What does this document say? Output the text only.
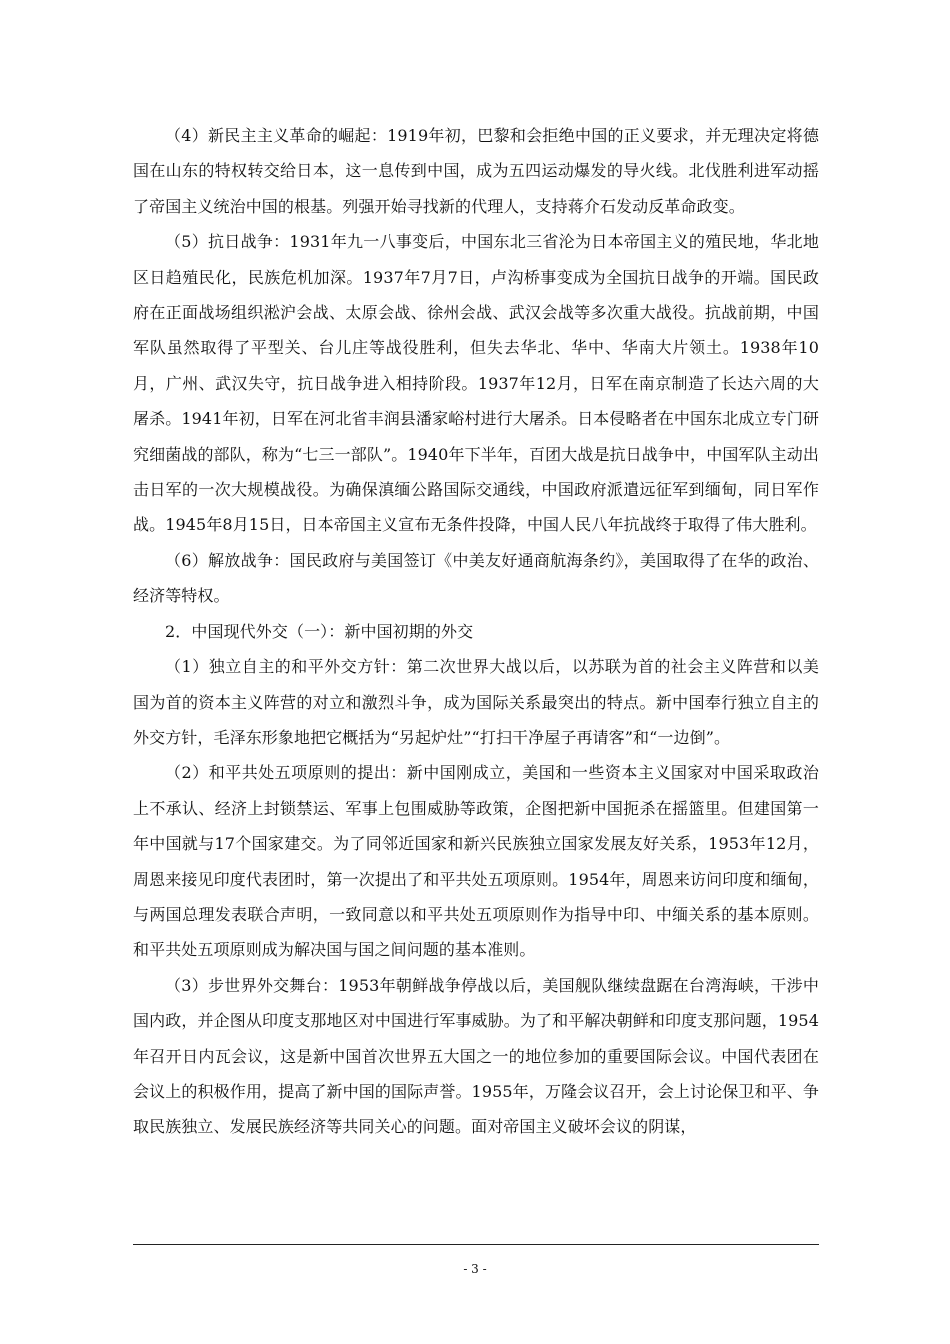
（4）新民主主义革命的崛起：1919年初，巴黎和会拒绝中国的正义要求，并无理决定将德国在山东的特权转交给日本，这一息传到中国，成为五四运动爆发的导火线。北伐胜利进军动摇了帝国主义统治中国的根基。列强开始寻找新的代理人，支持蒋介石发动反革命政变。

（5）抗日战争：1931年九一八事变后，中国东北三省沦为日本帝国主义的殖民地，华北地区日趋殖民化，民族危机加深。1937年7月7日，卢沟桥事变成为全国抗日战争的开端。国民政府在正面战场组织淞沪会战、太原会战、徐州会战、武汉会战等多次重大战役。抗战前期，中国军队虽然取得了平型关、台儿庄等战役胜利，但失去华北、华中、华南大片领土。1938年10月，广州、武汉失守，抗日战争进入相持阶段。1937年12月，日军在南京制造了长达六周的大屠杀。1941年初，日军在河北省丰润县潘家峪村进行大屠杀。日本侵略者在中国东北成立专门研究细菌战的部队，称为“七三一部队”。1940年下半年，百团大战是抗日战争中，中国军队主动出击日军的一次大规模战役。为确保滇缅公路国际交通线，中国政府派遣远征军到缅甸，同日军作战。1945年8月15日，日本帝国主义宣布无条件投降，中国人民八年抗战终于取得了伟大胜利。

（6）解放战争：国民政府与美国签订《中美友好通商航海条约》，美国取得了在华的政治、经济等特权。

2．中国现代外交（一）：新中国初期的外交

（1）独立自主的和平外交方针：第二次世界大战以后，以苏联为首的社会主义阵营和以美国为首的资本主义阵营的对立和激烈斗争，成为国际关系最突出的特点。新中国奉行独立自主的外交方针，毛泽东形象地把它概括为“另起炉灶”“打扫干净屋子再请客”和“一边倒”。

（2）和平共处五项原则的提出：新中国刚成立，美国和一些资本主义国家对中国采取政治上不承认、经济上封锁禁运、军事上包围威胁等政策，企图把新中国扼杀在摇篮里。但建国第一年中国就与17个国家建交。为了同邻近国家和新兴民族独立国家发展友好关系，1953年12月，周恩来接见印度代表团时，第一次提出了和平共处五项原则。1954年，周恩来访问印度和缅甸，与两国总理发表联合声明，一致同意以和平共处五项原则作为指导中印、中缅关系的基本原则。和平共处五项原则成为解决国与国之间问题的基本准则。

（3）步世界外交舞台：1953年朝鲜战争停战以后，美国舰队继续盘踞在台湾海峡，干涉中国内政，并企图从印度支那地区对中国进行军事威胁。为了和平解决朝鲜和印度支那问题，1954年召开日内瓦会议，这是新中国首次世界五大国之一的地位参加的重要国际会议。中国代表团在会议上的积极作用，提高了新中国的国际声誉。1955年，万隆会议召开，会上讨论保卫和平、争取民族独立、发展民族经济等共同关心的问题。面对帝国主义破坏会议的阴谋，

- 3 -
